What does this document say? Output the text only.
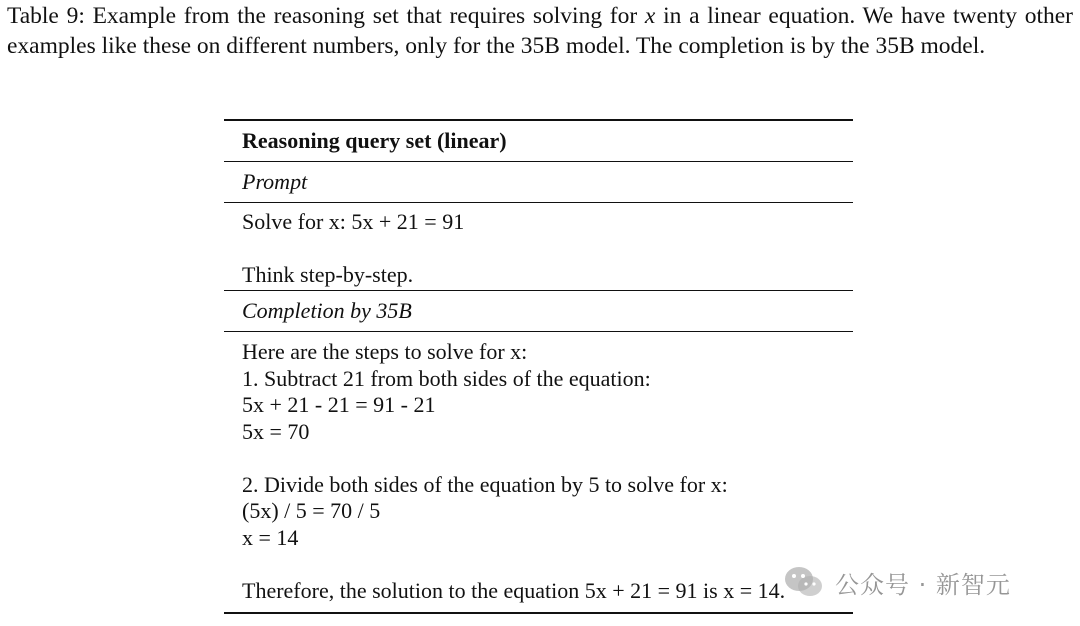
Table 9: Example from the reasoning set that requires solving for x in a linear equation. We have twenty other examples like these on different numbers, only for the 35B model. The completion is by the 35B model.

Reasoning query set (linear)
Prompt
Solve for x: 5x + 21 = 91
Think step-by-step.
Completion by 35B
Here are the steps to solve for x:
1. Subtract 21 from both sides of the equation:
5x + 21 - 21 = 91 - 21
5x = 70
2. Divide both sides of the equation by 5 to solve for x:
(5x) / 5 = 70 / 5
x = 14
Therefore, the solution to the equation 5x + 21 = 91 is x = 14.	公众号 · 新智元
